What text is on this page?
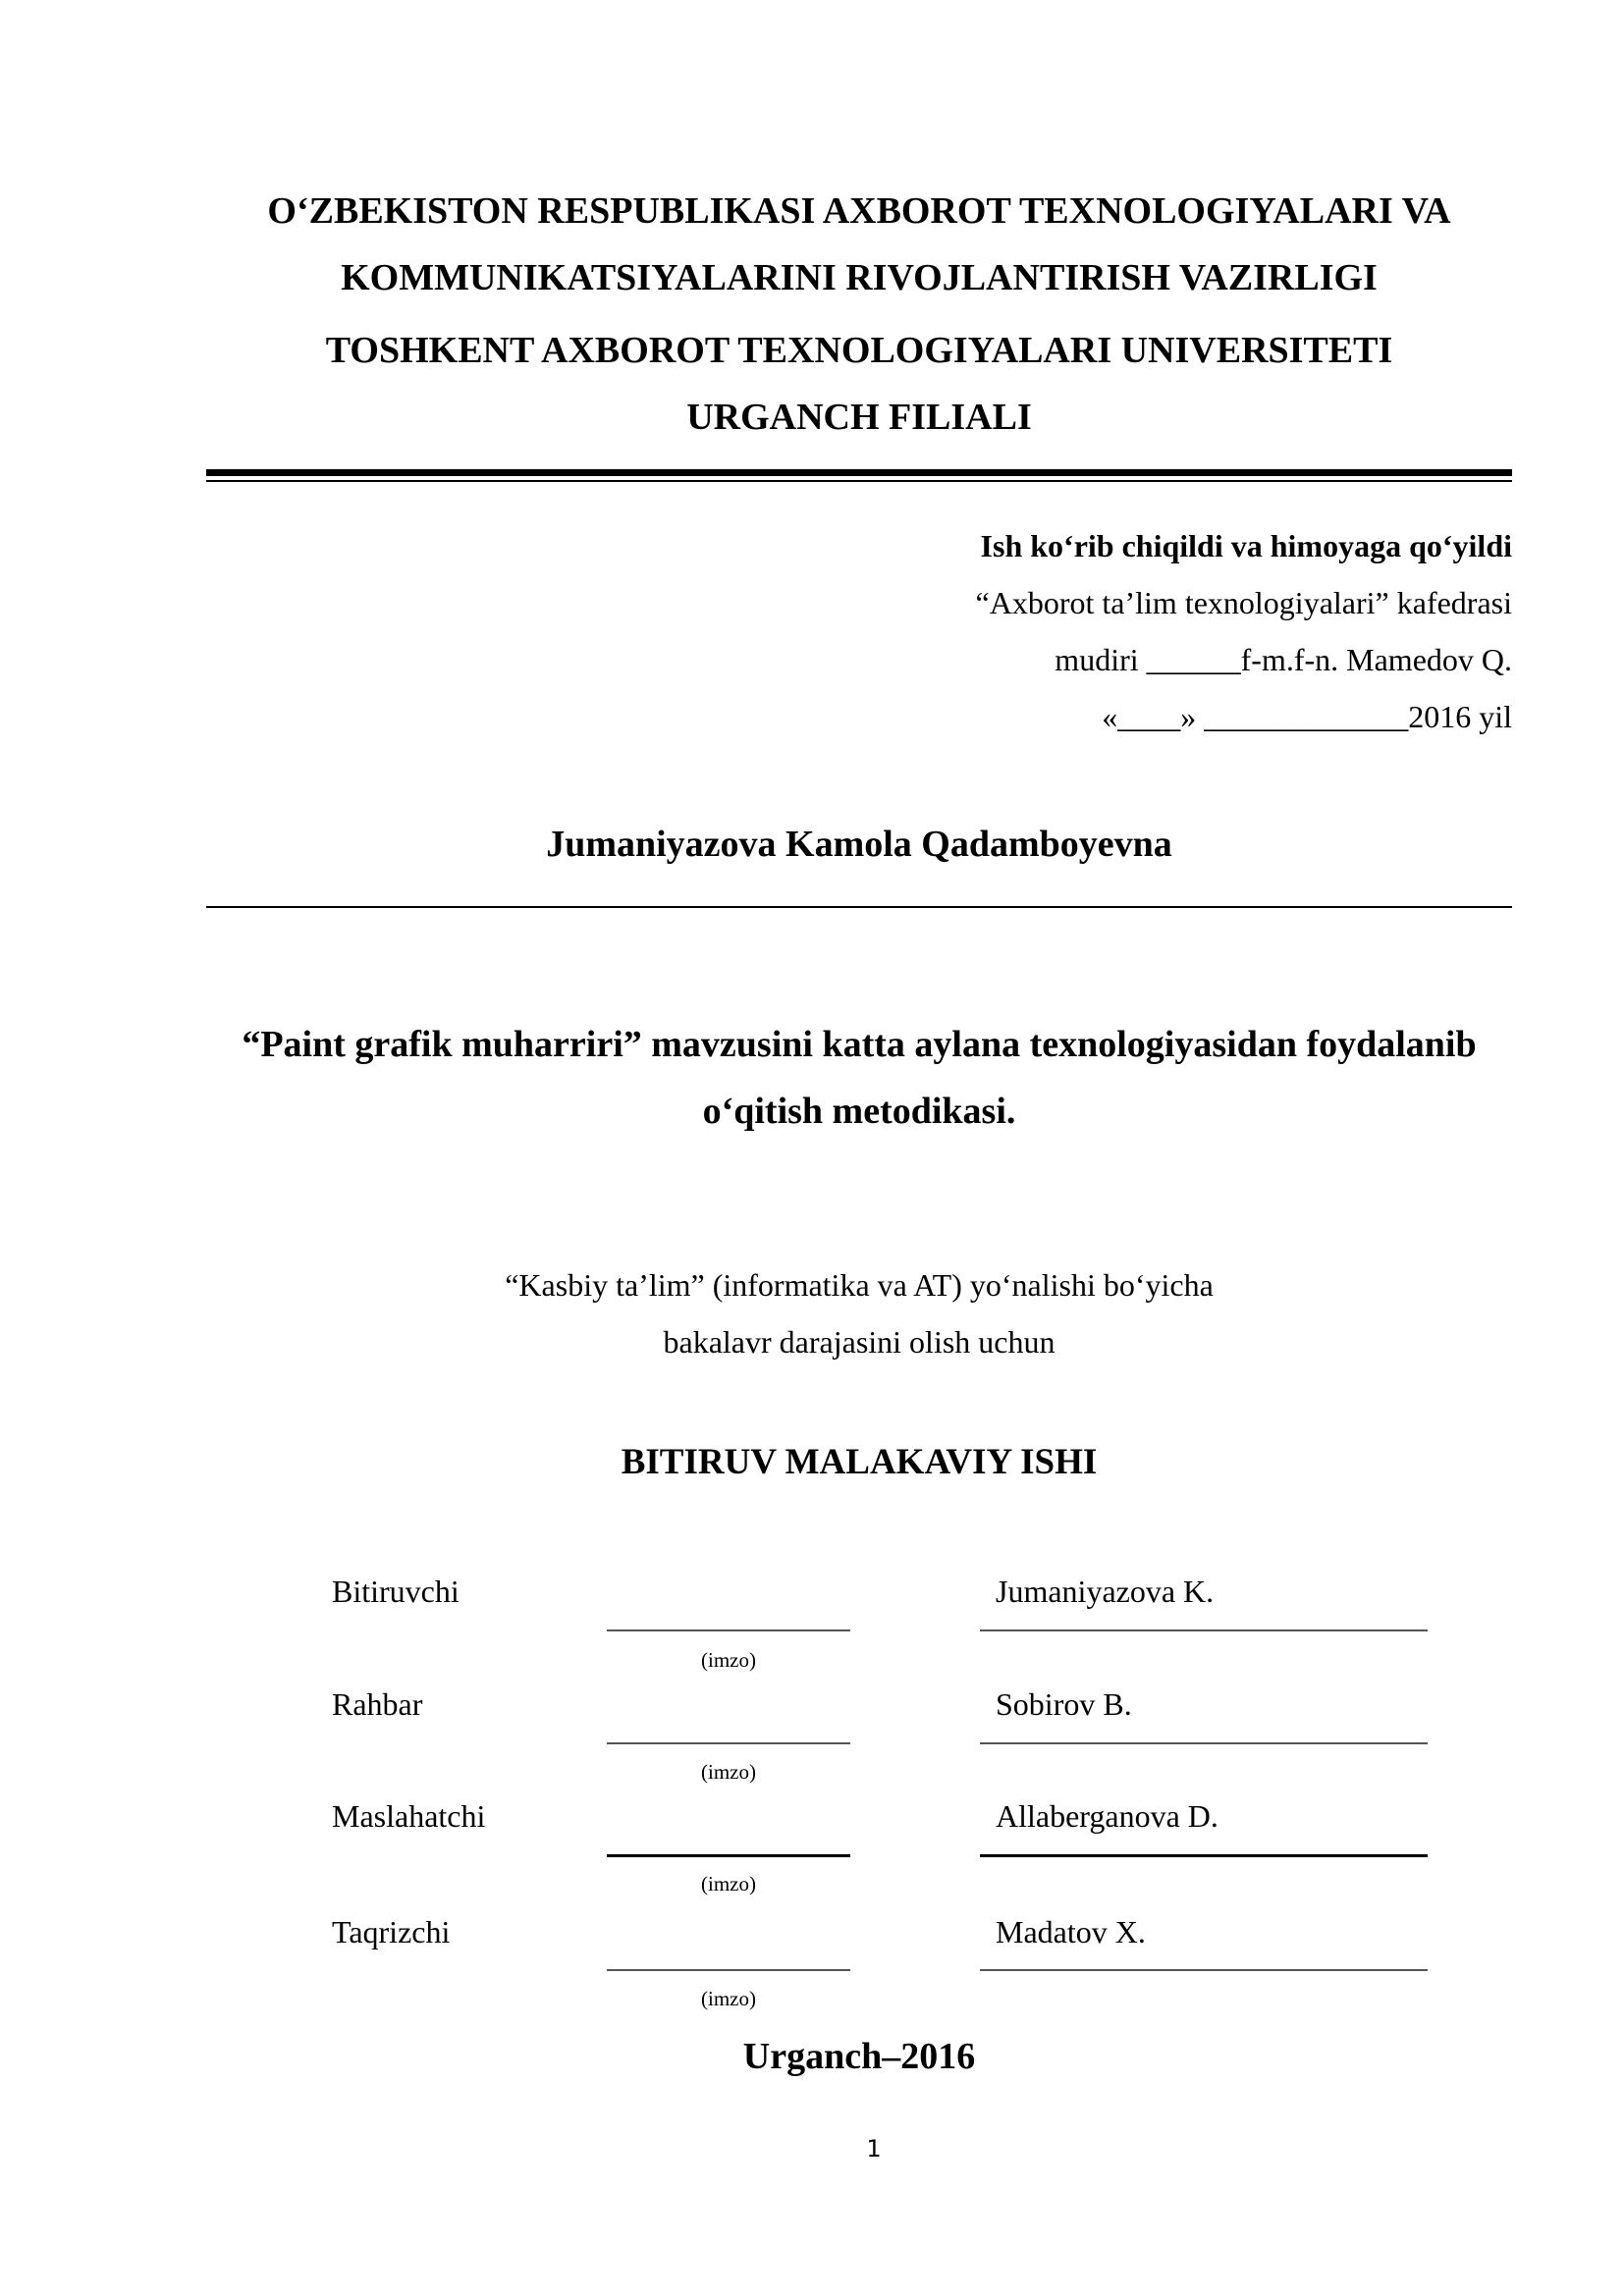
O‘ZBEKISTON RESPUBLIKASI AXBOROT TEXNOLOGIYALARI VA
KOMMUNIKATSIYALARINI RIVOJLANTIRISH VAZIRLIGI
TOSHKENT AXBOROT TEXNOLOGIYALARI UNIVERSITETI
URGANCH FILIALI
Ish ko‘rib chiqildi va himoyaga qo‘yildi
“Axborot ta’lim texnologiyalari” kafedrasi
mudiri ______f-m.f-n. Mamedov Q.
«____» _____________2016 yil
Jumaniyazova Kamola Qadamboyevna
“Paint grafik muharriri” mavzusini katta aylana texnologiyasidan foydalanib
o‘qitish metodikasi.
“Kasbiy ta’lim” (informatika va AT) yo‘nalishi bo‘yicha
bakalavr darajasini olish uchun
BITIRUV MALAKAVIY ISHI
Bitiruvchi	Jumaniyazova K.
(imzo)
Rahbar	Sobirov B.
(imzo)
Maslahatchi	Allaberganova D.
(imzo)
Taqrizchi	Madatov X.
(imzo)
Urganch–2016
1
